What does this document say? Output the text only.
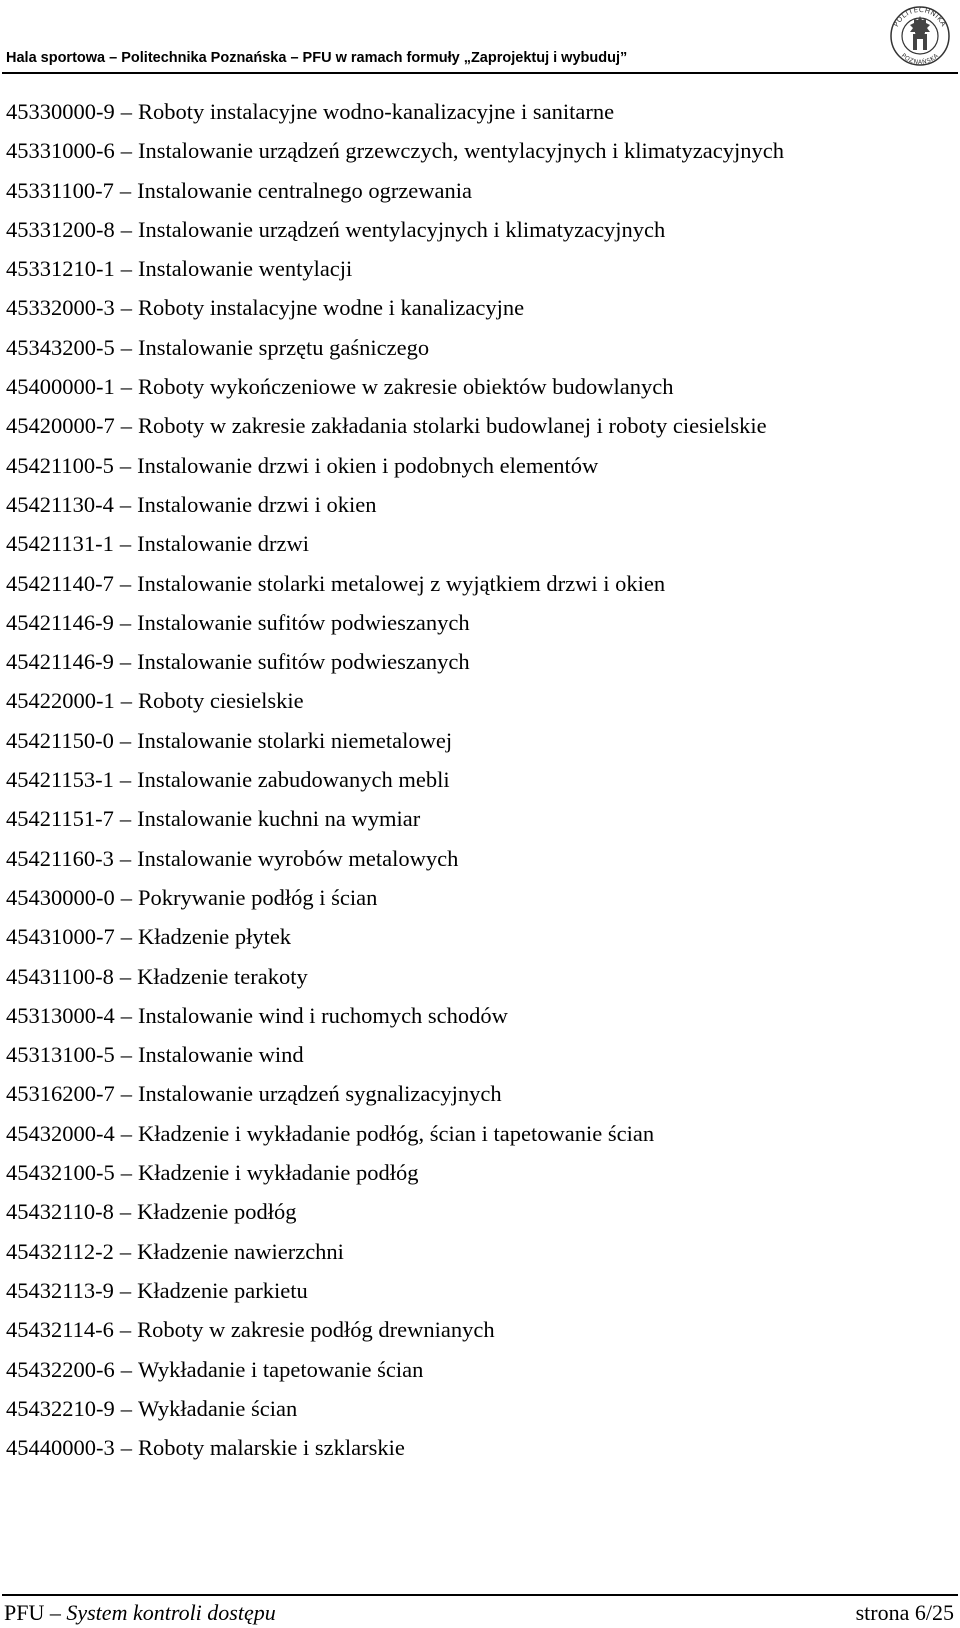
Hala sportowa – Politechnika Poznańska – PFU w ramach formuły „Zaprojektuj i wybuduj”
POLITECHNIKA
POZNAŃSKA
45330000-9 – Roboty instalacyjne wodno-kanalizacyjne i sanitarne
45331000-6 – Instalowanie urządzeń grzewczych, wentylacyjnych i klimatyzacyjnych
45331100-7 – Instalowanie centralnego ogrzewania
45331200-8 – Instalowanie urządzeń wentylacyjnych i klimatyzacyjnych
45331210-1 – Instalowanie wentylacji
45332000-3 – Roboty instalacyjne wodne i kanalizacyjne
45343200-5 – Instalowanie sprzętu gaśniczego
45400000-1 – Roboty wykończeniowe w zakresie obiektów budowlanych
45420000-7 – Roboty w zakresie zakładania stolarki budowlanej i roboty ciesielskie
45421100-5 – Instalowanie drzwi i okien i podobnych elementów
45421130-4 – Instalowanie drzwi i okien
45421131-1 – Instalowanie drzwi
45421140-7 – Instalowanie stolarki metalowej z wyjątkiem drzwi i okien
45421146-9 – Instalowanie sufitów podwieszanych
45421146-9 – Instalowanie sufitów podwieszanych
45422000-1 – Roboty ciesielskie
45421150-0 – Instalowanie stolarki niemetalowej
45421153-1 – Instalowanie zabudowanych mebli
45421151-7 – Instalowanie kuchni na wymiar
45421160-3 – Instalowanie wyrobów metalowych
45430000-0 – Pokrywanie podłóg i ścian
45431000-7 – Kładzenie płytek
45431100-8 – Kładzenie terakoty
45313000-4 – Instalowanie wind i ruchomych schodów
45313100-5 – Instalowanie wind
45316200-7 – Instalowanie urządzeń sygnalizacyjnych
45432000-4 – Kładzenie i wykładanie podłóg, ścian i tapetowanie ścian
45432100-5 – Kładzenie i wykładanie podłóg
45432110-8 – Kładzenie podłóg
45432112-2 – Kładzenie nawierzchni
45432113-9 – Kładzenie parkietu
45432114-6 – Roboty w zakresie podłóg drewnianych
45432200-6 – Wykładanie i tapetowanie ścian
45432210-9 – Wykładanie ścian
45440000-3 – Roboty malarskie i szklarskie
PFU – System kontroli dostępu	strona 6/25
